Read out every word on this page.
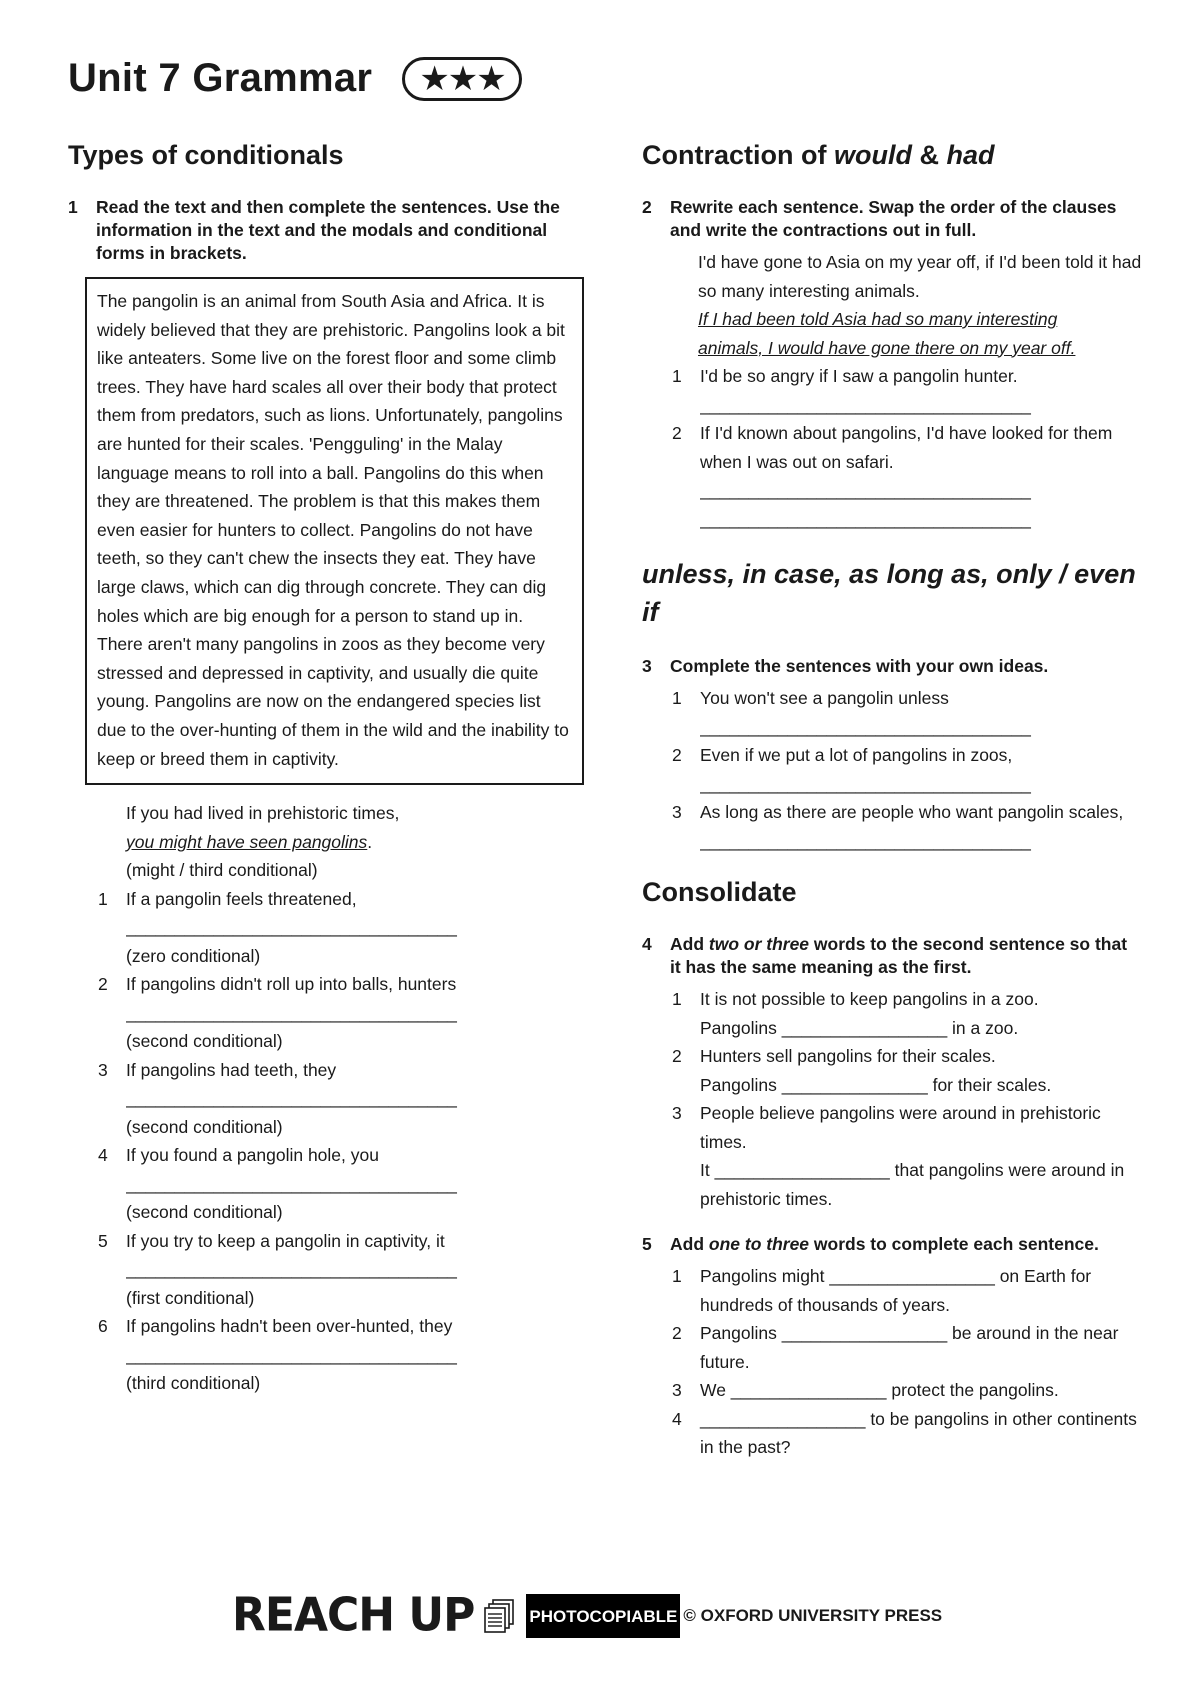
Unit 7 Grammar	★★★
Types of conditionals
1	Read the text and then complete the sentences. Use the information in the text and the modals and conditional forms in brackets.
The pangolin is an animal from South Asia and Africa. It is widely believed that they are prehistoric. Pangolins look a bit like anteaters. Some live on the forest floor and some climb trees. They have hard scales all over their body that protect them from predators, such as lions. Unfortunately, pangolins are hunted for their scales. 'Pengguling' in the Malay language means to roll into a ball. Pangolins do this when they are threatened. The problem is that this makes them even easier for hunters to collect. Pangolins do not have teeth, so they can't chew the insects they eat. They have large claws, which can dig through concrete. They can dig holes which are big enough for a person to stand up in. There aren't many pangolins in zoos as they become very stressed and depressed in captivity, and usually die quite young. Pangolins are now on the endangered species list due to the over-hunting of them in the wild and the inability to keep or breed them in captivity.
If you had lived in prehistoric times,
you might have seen pangolins.
(might / third conditional)
1	If a pangolin feels threatened,
__________________________________
(zero conditional)
2	If pangolins didn't roll up into balls, hunters
__________________________________
(second conditional)
3	If pangolins had teeth, they
__________________________________
(second conditional)
4	If you found a pangolin hole, you
__________________________________
(second conditional)
5	If you try to keep a pangolin in captivity, it
__________________________________
(first conditional)
6	If pangolins hadn't been over-hunted, they
__________________________________
(third conditional)
Contraction of would & had
2	Rewrite each sentence. Swap the order of the clauses and write the contractions out in full.
I'd have gone to Asia on my year off, if I'd been told it had so many interesting animals.
If I had been told Asia had so many interesting
animals, I would have gone there on my year off.
1	I'd be so angry if I saw a pangolin hunter.
__________________________________
2	If I'd known about pangolins, I'd have looked for them when I was out on safari.
__________________________________
__________________________________
unless, in case, as long as, only / even if
3	Complete the sentences with your own ideas.
1	You won't see a pangolin unless
__________________________________
2	Even if we put a lot of pangolins in zoos,
__________________________________
3	As long as there are people who want pangolin scales,
__________________________________
Consolidate
4	Add two or three words to the second sentence so that it has the same meaning as the first.
1	It is not possible to keep pangolins in a zoo.
Pangolins _________________ in a zoo.
2	Hunters sell pangolins for their scales.
Pangolins _______________ for their scales.
3	People believe pangolins were around in prehistoric times.
It __________________ that pangolins were around in prehistoric times.
5	Add one to three words to complete each sentence.
1	Pangolins might _________________ on Earth for hundreds of thousands of years.
2	Pangolins _________________ be around in the near future.
3	We ________________ protect the pangolins.
4	_________________ to be pangolins in other continents in the past?
REACH UP	PHOTOCOPIABLE © OXFORD UNIVERSITY PRESS
